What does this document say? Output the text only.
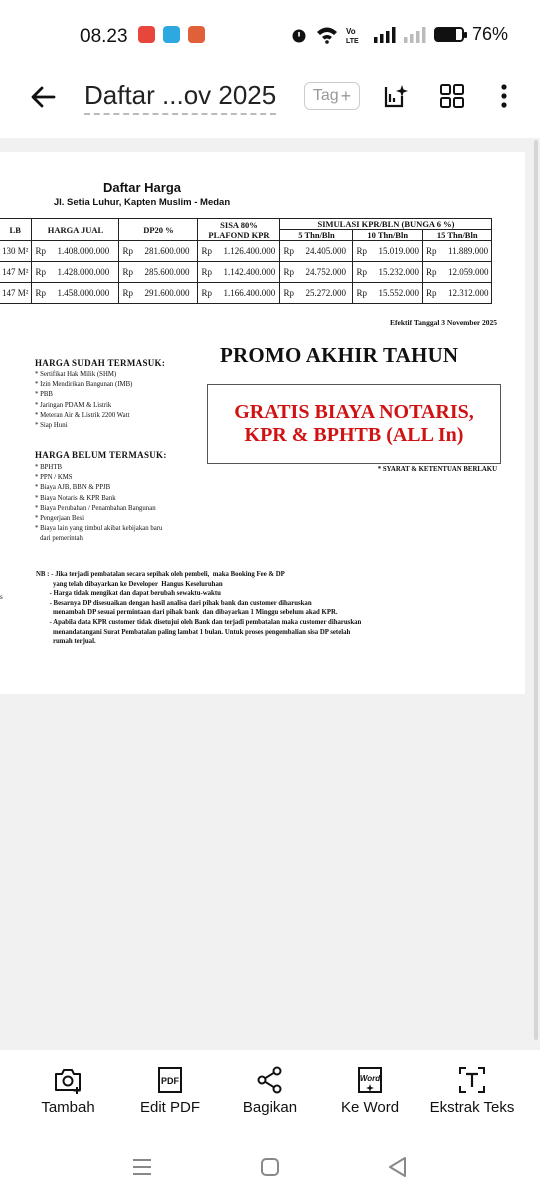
08.23	Vo
LTE	76%
Daftar ...ov 2025 Tag +
Daftar Harga
Jl. Setia Luhur, Kapten Muslim - Medan
LB	HARGA JUAL	DP20 %	SISA 80%
PLAFOND KPR	SIMULASI KPR/BLN (BUNGA 6 %)		
				5 Thn/Bln	10 Thn/Bln	15 Thn/Bln
130 M²	Rp 1.408.000.000	Rp 281.600.000	Rp 1.126.400.000	Rp 24.405.000	Rp 15.019.000	Rp 11.889.000
147 M²	Rp 1.428.000.000	Rp 285.600.000	Rp 1.142.400.000	Rp 24.752.000	Rp 15.232.000	Rp 12.059.000
147 M²	Rp 1.458.000.000	Rp 291.600.000	Rp 1.166.400.000	Rp 25.272.000	Rp 15.552.000	Rp 12.312.000
Efektif Tanggal 3 November 2025
PROMO AKHIR TAHUN
GRATIS BIAYA NOTARIS,
KPR & BPHTB (ALL In)
* SYARAT & KETENTUAN BERLAKU
HARGA SUDAH TERMASUK:
* Sertifikat Hak Milik (SHM)
* Izin Mendirikan Bangunan (IMB)
* PBB
* Jaringan PDAM & Listrik
* Meteran Air & Listrik 2200 Watt
* Siap Huni
HARGA BELUM TERMASUK:
* BPHTB
* PPN / KMS
* Biaya AJB, BBN & PPJB
* Biaya Notaris & KPR Bank
* Biaya Perubahan / Penambahan Bangunan
* Pengerjaan Besi
* Biaya lain yang timbul akibat kebijakan baru
dari pemerintah
s

NB : - Jika terjadi pembatalan secara sepihak oleh pembeli,  maka Booking Fee & DP

yang telah dibayarkan ke Developer  Hangus Keseluruhan

- Harga tidak mengikat dan dapat berubah sewaktu-waktu

- Besarnya DP disesuaikan dengan hasil analisa dari pihak bank dan customer diharuskan

menambah DP sesuai permintaan dari pihak bank  dan dibayarkan 1 Minggu sebelum akad KPR.

- Apabila data KPR customer tidak disetujui oleh Bank dan terjadi pembatalan maka customer diharuskan

menandatangani Surat Pembatalan paling lambat 1 bulan. Untuk proses pengembalian sisa DP setelah

rumah terjual.

Tambah
PDF
Edit PDF	Bagikan
Word
Ke Word	Ekstrak Teks
